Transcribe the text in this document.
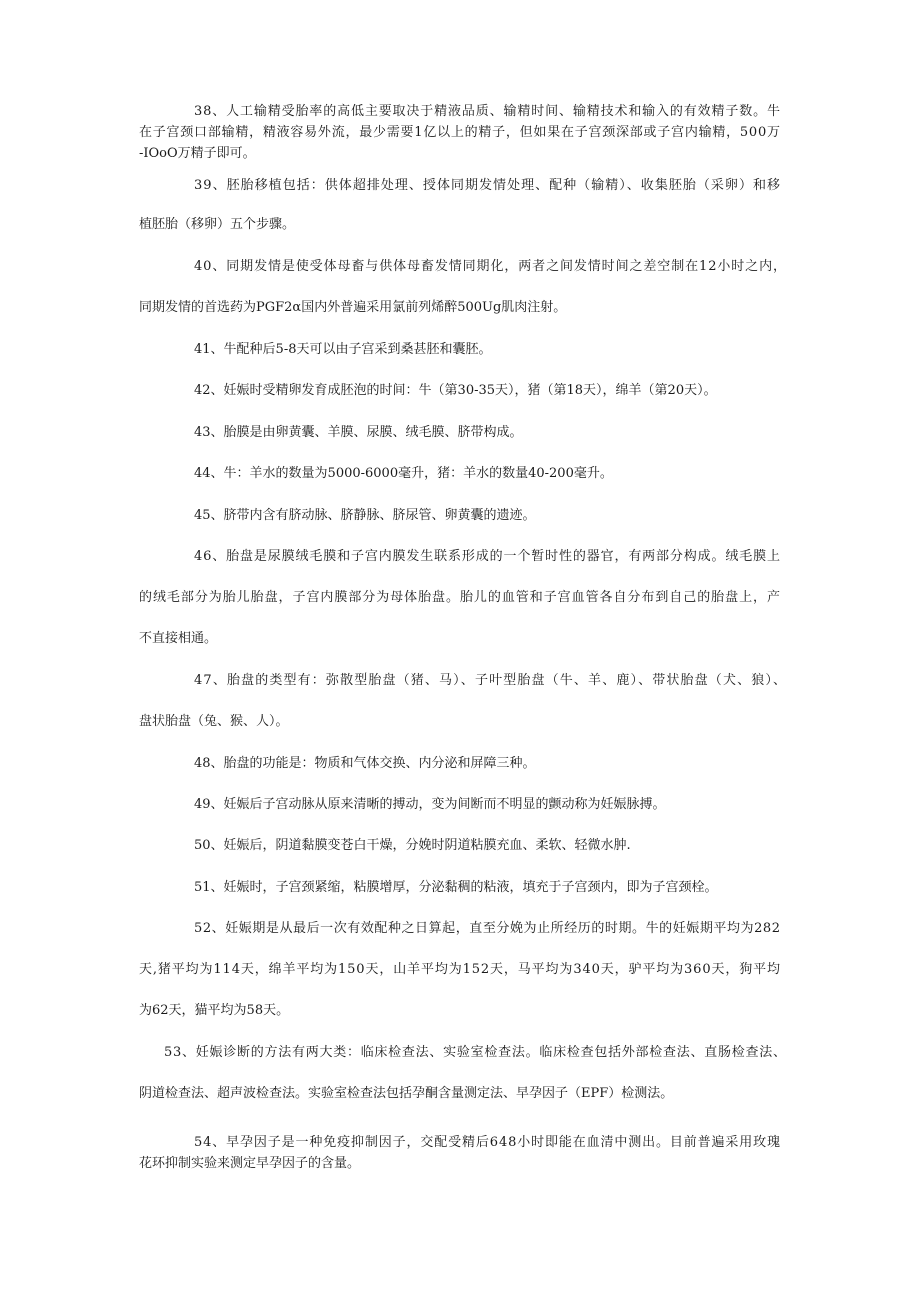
38、人工输精受胎率的高低主要取决于精液品质、输精时间、输精技术和输入的有效精子数。牛
在子宫颈口部输精，精液容易外流，最少需要1亿以上的精子，但如果在子宫颈深部或子宫内输精，500万
-IOoO万精子即可。
39、胚胎移植包括：供体超排处理、授体同期发情处理、配种（输精）、收集胚胎（采卵）和移
植胚胎（移卵）五个步骤。
40、同期发情是使受体母畜与供体母畜发情同期化，两者之间发情时间之差空制在12小时之内，
同期发情的首选药为PGF2α国内外普遍采用氯前列烯醉500Ug肌肉注射。
41、牛配种后5-8天可以由子宫采到桑甚胚和囊胚。
42、妊娠时受精卵发育成胚泡的时间：牛（第30-35天），猪（第18天），绵羊（第20天）。
43、胎膜是由卵黄囊、羊膜、尿膜、绒毛膜、脐带构成。
44、牛：羊水的数量为5000-6000毫升，猪：羊水的数量40-200毫升。
45、脐带内含有脐动脉、脐静脉、脐尿管、卵黄囊的遗迹。
46、胎盘是尿膜绒毛膜和子宫内膜发生联系形成的一个暂时性的器官，有两部分构成。绒毛膜上
的绒毛部分为胎儿胎盘，子宫内膜部分为母体胎盘。胎儿的血管和子宫血管各自分布到自己的胎盘上，产
不直接相通。
47、胎盘的类型有：弥散型胎盘（猪、马）、子叶型胎盘（牛、羊、鹿）、带状胎盘（犬、狼）、
盘状胎盘（兔、猴、人）。
48、胎盘的功能是：物质和气体交换、内分泌和屏障三种。
49、妊娠后子宫动脉从原来清晰的搏动，变为间断而不明显的颤动称为妊娠脉搏。
50、妊娠后，阴道黏膜变苍白干燥，分娩时阴道粘膜充血、柔软、轻微水肿.
51、妊娠时，子宫颈紧缩，粘膜增厚，分泌黏稠的粘液，填充于子宫颈内，即为子宫颈栓。
52、妊娠期是从最后一次有效配种之日算起，直至分娩为止所经历的时期。牛的妊娠期平均为282
天,猪平均为114天，绵羊平均为150天，山羊平均为152天，马平均为340天，驴平均为360天，狗平均
为62天，猫平均为58天。
53、妊娠诊断的方法有两大类：临床检查法、实验室检查法。临床检查包括外部检查法、直肠检查法、
阴道检查法、超声波检查法。实验室检查法包括孕酮含量测定法、早孕因子（EPF）检测法。
54、早孕因子是一种免疫抑制因子，交配受精后648小时即能在血清中测出。目前普遍采用玫瑰
花环抑制实验来测定早孕因子的含量。
